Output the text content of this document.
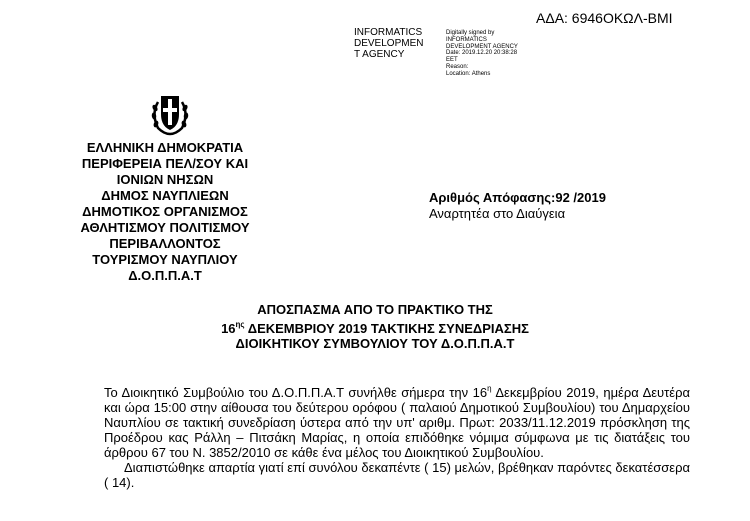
ΑΔΑ: 6946ΟΚΩΛ-ΒΜΙ
INFORMATICS
DEVELOPMEN
T AGENCY
Digitally signed by
INFORMATICS
DEVELOPMENT AGENCY
Date: 2019.12.20 20:38:28
EET
Reason:
Location: Athens
ΕΛΛΗΝΙΚΗ ΔΗΜΟΚΡΑΤΙΑ
ΠΕΡΙΦΕΡΕΙΑ ΠΕΛ/ΣΟΥ ΚΑΙ
ΙΟΝΙΩΝ ΝΗΣΩΝ
ΔΗΜΟΣ ΝΑΥΠΛΙΕΩΝ
ΔΗΜΟΤΙΚΟΣ ΟΡΓΑΝΙΣΜΟΣ
ΑΘΛΗΤΙΣΜΟΥ ΠΟΛΙΤΙΣΜΟΥ
ΠΕΡΙΒΑΛΛΟΝΤΟΣ
ΤΟΥΡΙΣΜΟΥ ΝΑΥΠΛΙΟΥ
Δ.Ο.Π.Π.Α.Τ
Αριθμός Απόφασης:92 /2019
Αναρτητέα στο Διαύγεια
ΑΠΟΣΠΑΣΜΑ ΑΠΟ ΤΟ ΠΡΑΚΤΙΚΟ ΤΗΣ
$16^{\eta\varsigma}$ ΔΕΚΕΜΒΡΙΟΥ 2019 ΤΑΚΤΙΚΗΣ ΣΥΝΕΔΡΙΑΣΗΣ
ΔΙΟΙΚΗΤΙΚΟΥ ΣΥΜΒΟΥΛΙΟΥ ΤΟΥ Δ.Ο.Π.Π.Α.Τ

Το Διοικητικό Συμβούλιο του Δ.Ο.Π.Π.Α.Τ συνήλθε σήμερα την $16^\eta$ Δεκεμβρίου 2019, ημέρα Δευτέρα και ώρα 15:00 στην αίθουσα του δεύτερου ορόφου ( παλαιού Δημοτικού Συμβουλίου) του Δημαρχείου Ναυπλίου σε τακτική συνεδρίαση ύστερα από την υπ' αριθμ. Πρωτ: 2033/11.12.2019 πρόσκληση της Προέδρου κας Ράλλη – Πιτσάκη Μαρίας, η οποία επιδόθηκε νόμιμα σύμφωνα με τις διατάξεις του άρθρου 67 του Ν. 3852/2010 σε κάθε ένα μέλος του Διοικητικού Συμβουλίου.

Διαπιστώθηκε απαρτία γιατί επί συνόλου δεκαπέντε ( 15) μελών, βρέθηκαν παρόντες δεκατέσσερα ( 14).
